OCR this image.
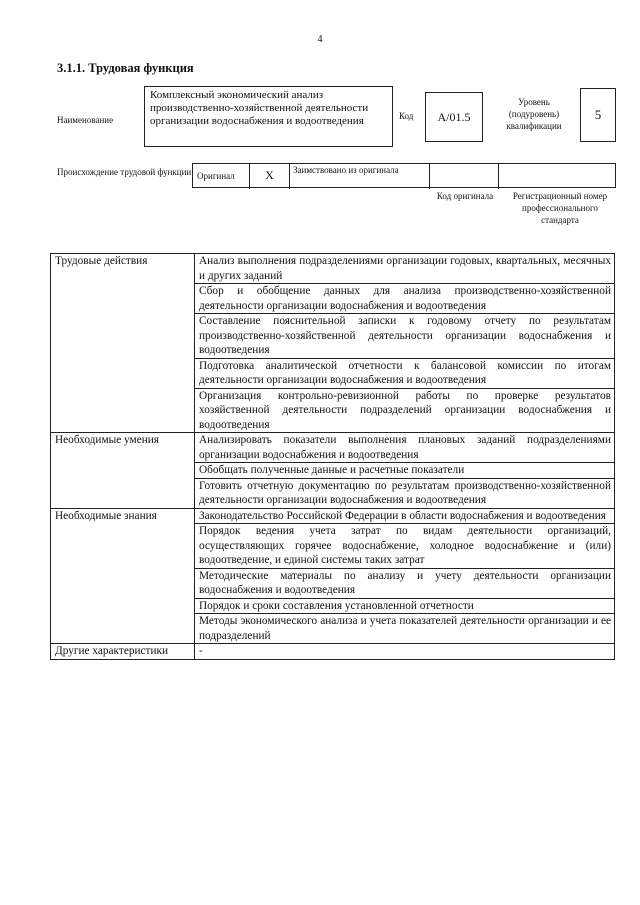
4
3.1.1. Трудовая функция
Наименование
Комплексный экономический анализ производственно-хозяйственной деятельности организации водоснабжения и водоотведения	Код	A/01.5
Уровень (подуровень) квалификации
5
Происхождение трудовой функции Оригинал	X	Заимствовано из оригинала
Код оригинала	Регистрационный номер профессионального стандарта
Трудовые действия	Анализ выполнения подразделениями организации годовых, квартальных, месячных и других заданий
	Сбор и обобщение данных для анализа производственно-хозяйственной деятельности организации водоснабжения и водоотведения
	Составление пояснительной записки к годовому отчету по результатам производственно-хозяйственной деятельности организации водоснабжения и водоотведения
	Подготовка аналитической отчетности к балансовой комиссии по итогам деятельности организации водоснабжения и водоотведения
	Организация контрольно-ревизионной работы по проверке результатов хозяйственной деятельности подразделений организации водоснабжения и водоотведения
Необходимые умения	Анализировать показатели выполнения плановых заданий подразделениями организации водоснабжения и водоотведения
	Обобщать полученные данные и расчетные показатели
	Готовить отчетную документацию по результатам производственно-хозяйственной деятельности организации водоснабжения и водоотведения
Необходимые знания	Законодательство Российской Федерации в области водоснабжения и водоотведения
	Порядок ведения учета затрат по видам деятельности организаций, осуществляющих горячее водоснабжение, холодное водоснабжение и (или) водоотведение, и единой системы таких затрат
	Методические материалы по анализу и учету деятельности организации водоснабжения и водоотведения
	Порядок и сроки составления установленной отчетности
	Методы экономического анализа и учета показателей деятельности организации и ее подразделений
Другие характеристики	-
